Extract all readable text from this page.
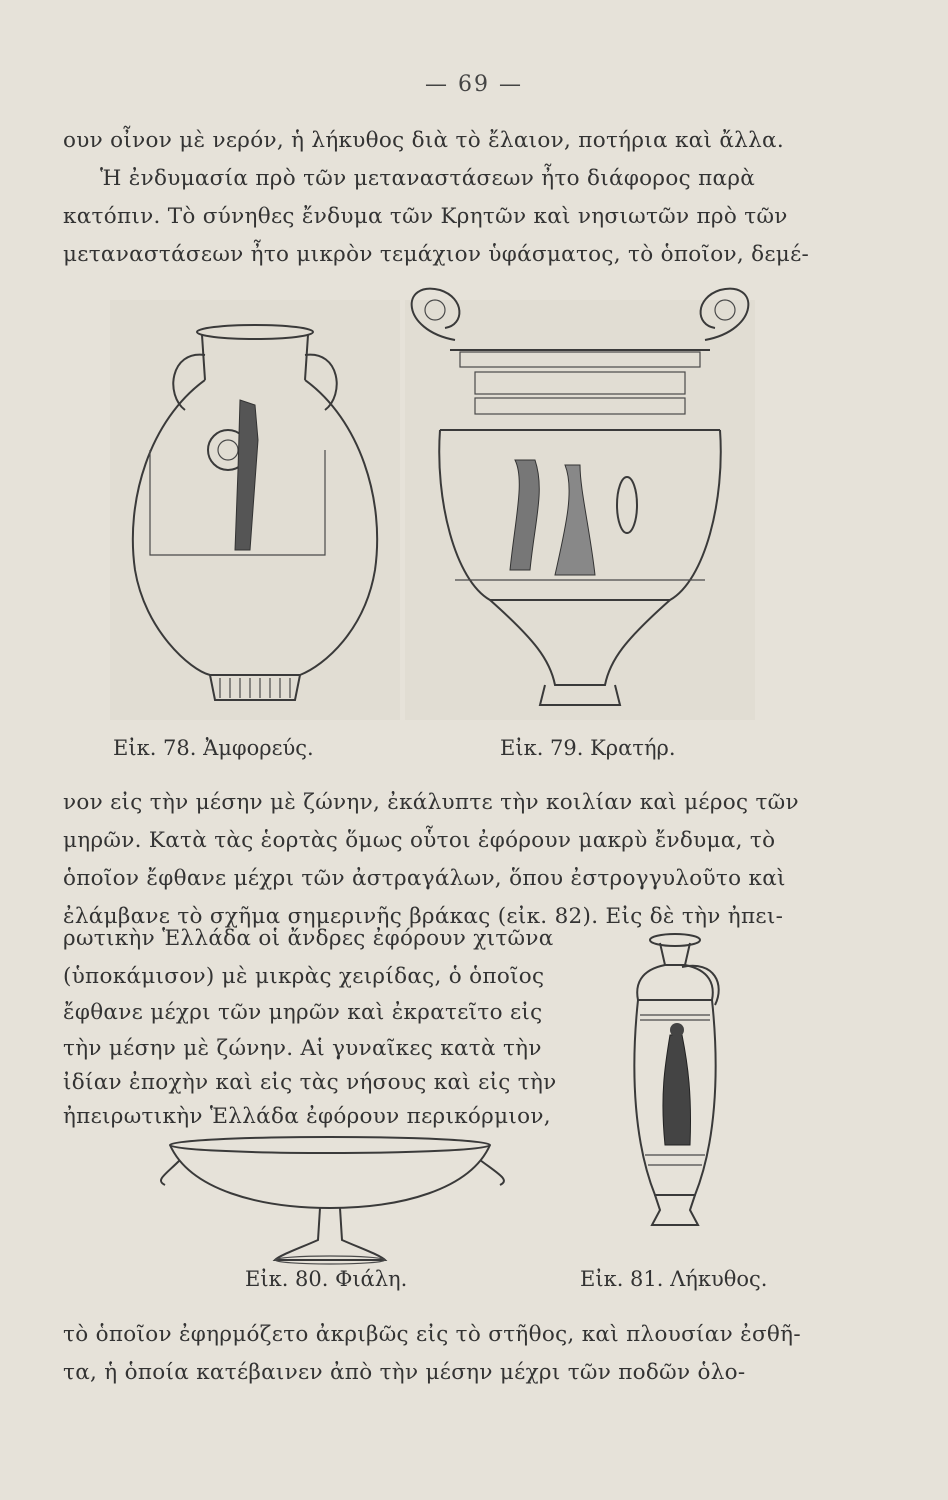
— 69 —
ουν οἶνον μὲ νερόν, ἡ λήκυθος διὰ τὸ ἔλαιον, ποτήρια καὶ ἄλλα.
Ἡ ἐνδυμασία πρὸ τῶν μεταναστάσεων ἦτο διάφορος παρὰ
κατόπιν. Τὸ σύνηθες ἔνδυμα τῶν Κρητῶν καὶ νησιωτῶν πρὸ τῶν
μεταναστάσεων ἦτο μικρὸν τεμάχιον ὑφάσματος, τὸ ὁποῖον, δεμέ-
Εἰκ. 78. Ἀμφορεύς.	Εἰκ. 79. Κρατήρ.
νον εἰς τὴν μέσην μὲ ζώνην, ἐκάλυπτε τὴν κοιλίαν καὶ μέρος τῶν
μηρῶν. Κατὰ τὰς ἑορτὰς ὅμως οὗτοι ἐφόρουν μακρὺ ἔνδυμα, τὸ
ὁποῖον ἔφθανε μέχρι τῶν ἀστραγάλων, ὅπου ἐστρογγυλοῦτο καὶ
ἐλάμβανε τὸ σχῆμα σημερινῆς βράκας (εἰκ. 82). Εἰς δὲ τὴν ἠπει-
ρωτικὴν Ἑλλάδα οἱ ἄνδρες ἐφόρουν χιτῶνα
(ὑποκάμισον) μὲ μικρὰς χειρίδας, ὁ ὁποῖος
ἔφθανε μέχρι τῶν μηρῶν καὶ ἐκρατεῖτο εἰς
τὴν μέσην μὲ ζώνην. Αἱ γυναῖκες κατὰ τὴν
ἰδίαν ἐποχὴν καὶ εἰς τὰς νήσους καὶ εἰς τὴν
ἠπειρωτικὴν Ἑλλάδα ἐφόρουν περικόρμιον,
Εἰκ. 80. Φιάλη.	Εἰκ. 81. Λήκυθος.
τὸ ὁποῖον ἐφηρμόζετο ἀκριβῶς εἰς τὸ στῆθος, καὶ πλουσίαν ἐσθῆ-
τα, ἡ ὁποία κατέβαινεν ἀπὸ τὴν μέσην μέχρι τῶν ποδῶν ὁλο-
